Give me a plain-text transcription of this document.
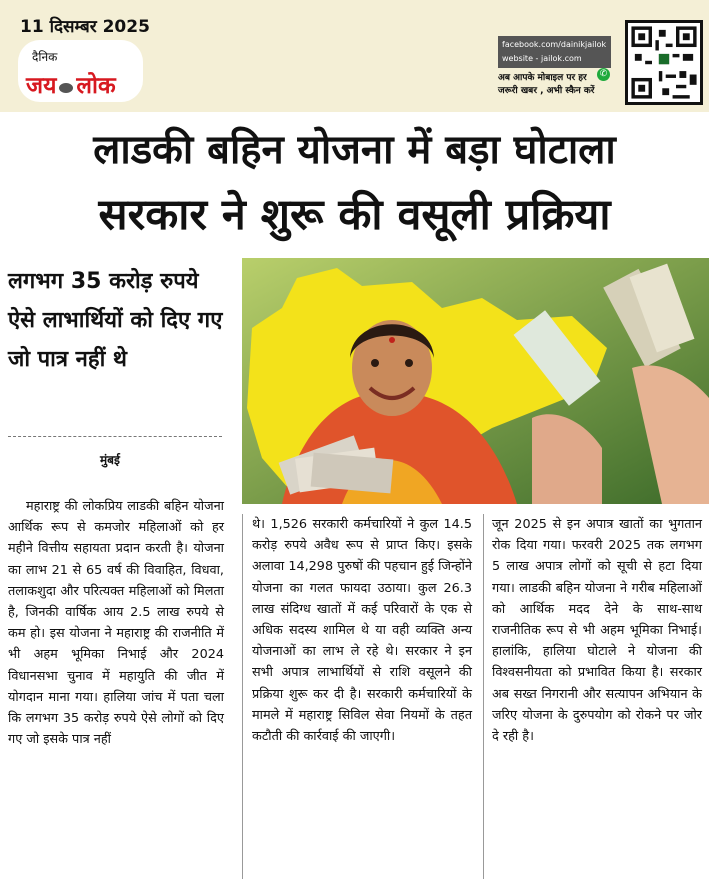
11 दिसम्बर 2025
दैनिक
जय लोक
facebook.com/dainikjailok
website - jailok.com
✆
अब आपके मोबाइल पर हर
जरूरी खबर , अभी स्कैन करें
लाडकी बहिन योजना में बड़ा घोटाला
सरकार ने शुरू की वसूली प्रक्रिया
लगभग 35 करोड़ रुपये ऐसे लाभार्थियों को दिए गए जो पात्र नहीं थे
मुंबई
महाराष्ट्र की लोकप्रिय लाडकी बहिन योजना आर्थिक रूप से कमजोर महिलाओं को हर महीने वित्तीय सहायता प्रदान करती है। योजना का लाभ 21 से 65 वर्ष की विवाहित, विधवा, तलाकशुदा और परित्यक्त महिलाओं को मिलता है, जिनकी वार्षिक आय 2.5 लाख रुपये से कम हो। इस योजना ने महाराष्ट्र की राजनीति में भी अहम भूमिका निभाई और 2024 विधानसभा चुनाव में महायुति की जीत में योगदान माना गया। हालिया जांच में पता चला कि लगभग 35 करोड़ रुपये ऐसे लोगों को दिए गए जो इसके पात्र नहीं
थे। 1,526 सरकारी कर्मचारियों ने कुल 14.5 करोड़ रुपये अवैध रूप से प्राप्त किए। इसके अलावा 14,298 पुरुषों की पहचान हुई जिन्होंने योजना का गलत फायदा उठाया। कुल 26.3 लाख संदिग्ध खातों में कई परिवारों के एक से अधिक सदस्य शामिल थे या वही व्यक्ति अन्य योजनाओं का लाभ ले रहे थे। सरकार ने इन सभी अपात्र लाभार्थियों से राशि वसूलने की प्रक्रिया शुरू कर दी है। सरकारी कर्मचारियों के मामले में महाराष्ट्र सिविल सेवा नियमों के तहत कटौती की कार्रवाई की जाएगी।
जून 2025 से इन अपात्र खातों का भुगतान रोक दिया गया। फरवरी 2025 तक लगभग 5 लाख अपात्र लोगों को सूची से हटा दिया गया। लाडकी बहिन योजना ने गरीब महिलाओं को आर्थिक मदद देने के साथ-साथ राजनीतिक रूप से भी अहम भूमिका निभाई। हालांकि, हालिया घोटाले ने योजना की विश्वसनीयता को प्रभावित किया है। सरकार अब सख्त निगरानी और सत्यापन अभियान के जरिए योजना के दुरुपयोग को रोकने पर जोर दे रही है।
